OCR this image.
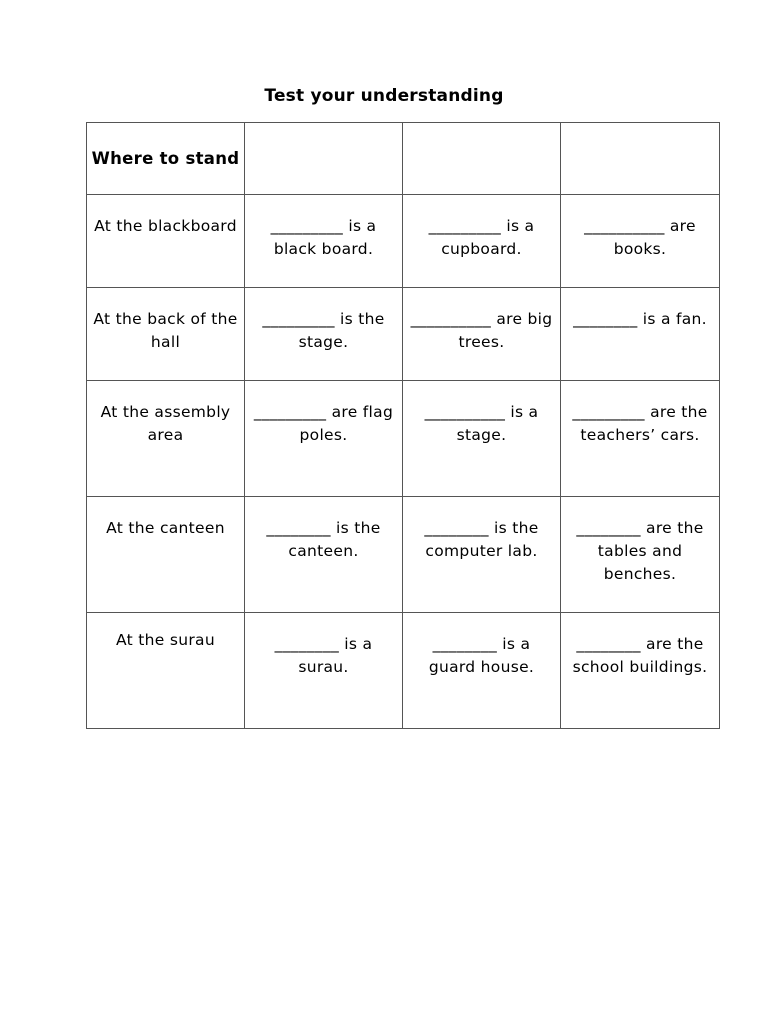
Test your understanding
Where to stand			
At the blackboard	_________ is a black board.	_________ is a cupboard.	__________ are books.
At the back of the hall	_________ is the stage.	__________ are big trees.	________ is a fan.
At the assembly area	_________ are flag poles.	__________ is a stage.	_________ are the teachers’ cars.
At the canteen	________ is the canteen.	________ is the computer lab.	________ are the tables and benches.
At the surau	________ is a surau.	________ is a guard house.	________ are the school buildings.
